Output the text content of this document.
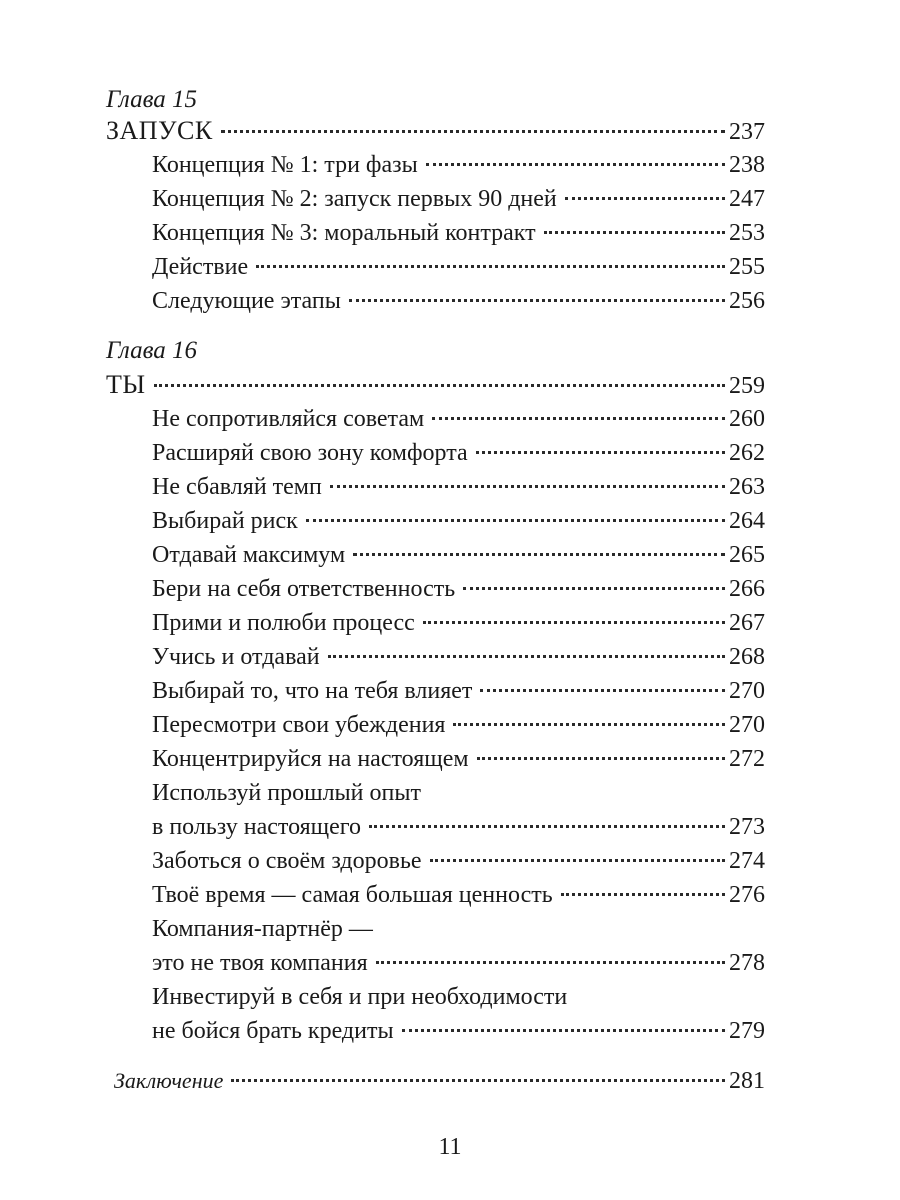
Глава 15
ЗАПУСК	237
Концепция № 1: три фазы	238
Концепция № 2: запуск первых 90 дней	247
Концепция № 3: моральный контракт	253
Действие	255
Следующие этапы	256
Глава 16
ТЫ	259
Не сопротивляйся советам	260
Расширяй свою зону комфорта	262
Не сбавляй темп	263
Выбирай риск	264
Отдавай максимум	265
Бери на себя ответственность	266
Прими и полюби процесс	267
Учись и отдавай	268
Выбирай то, что на тебя влияет	270
Пересмотри свои убеждения	270
Концентрируйся на настоящем	272
Используй прошлый опыт
в пользу настоящего	273
Заботься о своём здоровье	274
Твоё время — самая большая ценность	276
Компания-партнёр —
это не твоя компания	278
Инвестируй в себя и при необходимости
не бойся брать кредиты	279
Заключение	281
11
